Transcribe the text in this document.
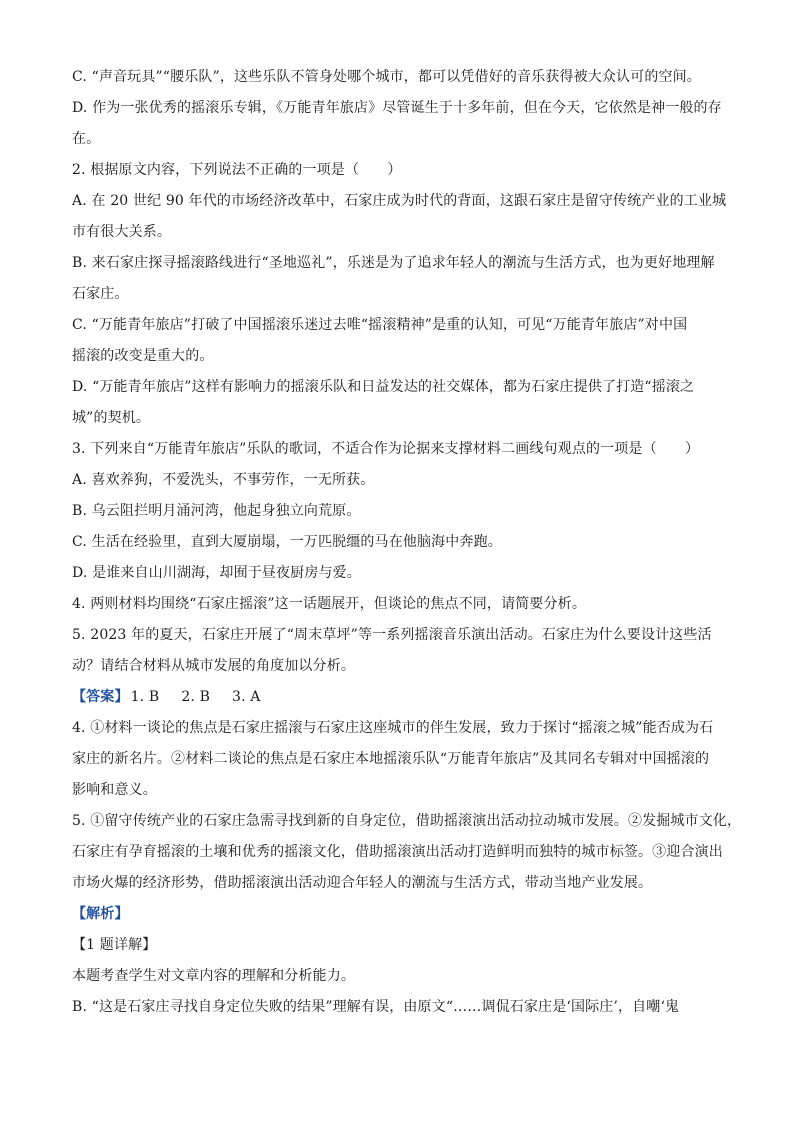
C. “声音玩具”“腰乐队”，这些乐队不管身处哪个城市，都可以凭借好的音乐获得被大众认可的空间。
D. 作为一张优秀的摇滚乐专辑，《万能青年旅店》尽管诞生于十多年前，但在今天，它依然是神一般的存
在。
2. 根据原文内容，下列说法不正确的一项是（　　）
A. 在 20 世纪 90 年代的市场经济改革中，石家庄成为时代的背面，这跟石家庄是留守传统产业的工业城
市有很大关系。
B. 来石家庄探寻摇滚路线进行“圣地巡礼”，乐迷是为了追求年轻人的潮流与生活方式，也为更好地理解
石家庄。
C. “万能青年旅店”打破了中国摇滚乐迷过去唯“摇滚精神”是重的认知，可见“万能青年旅店”对中国
摇滚的改变是重大的。
D. “万能青年旅店”这样有影响力的摇滚乐队和日益发达的社交媒体，都为石家庄提供了打造“摇滚之
城”的契机。
3. 下列来自“万能青年旅店”乐队的歌词，不适合作为论据来支撑材料二画线句观点的一项是（　　）
A. 喜欢养狗，不爱洗头，不事劳作，一无所获。
B. 乌云阻拦明月涌河湾，他起身独立向荒原。
C. 生活在经验里，直到大厦崩塌，一万匹脱缰的马在他脑海中奔跑。
D. 是谁来自山川湖海，却囿于昼夜厨房与爱。
4. 两则材料均围绕“石家庄摇滚”这一话题展开，但谈论的焦点不同，请简要分析。
5. 2023 年的夏天，石家庄开展了“周末草坪”等一系列摇滚音乐演出活动。石家庄为什么要设计这些活
动？请结合材料从城市发展的角度加以分析。
【答案】 1. B 2. B 3. A
4. ①材料一谈论的焦点是石家庄摇滚与石家庄这座城市的伴生发展，致力于探讨“摇滚之城”能否成为石
家庄的新名片。②材料二谈论的焦点是石家庄本地摇滚乐队“万能青年旅店”及其同名专辑对中国摇滚的
影响和意义。
5. ①留守传统产业的石家庄急需寻找到新的自身定位，借助摇滚演出活动拉动城市发展。②发掘城市文化，
石家庄有孕育摇滚的土壤和优秀的摇滚文化，借助摇滚演出活动打造鲜明而独特的城市标签。③迎合演出
市场火爆的经济形势，借助摇滚演出活动迎合年轻人的潮流与生活方式，带动当地产业发展。
【解析】
【1 题详解】
本题考查学生对文章内容的理解和分析能力。
B. “这是石家庄寻找自身定位失败的结果”理解有误，由原文“……调侃石家庄是‘国际庄’，自嘲‘鬼
